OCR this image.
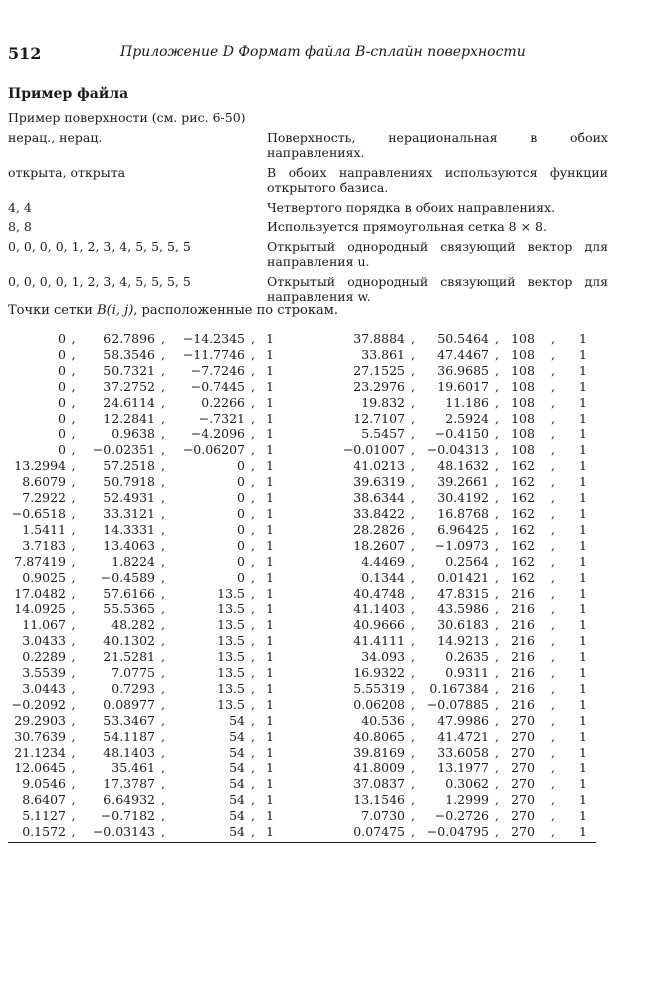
512	Приложение D Формат файла B-сплайн поверхности
Пример файла
Пример поверхности (см. рис. 6-50)
нерац., нерац.	Поверхность, нерациональная в обоих направлениях.
открыта, открыта	В обоих направлениях используются функции открытого базиса.
4, 4	Четвертого порядка в обоих направлениях.
8, 8	Используется прямоугольная сетка 8 × 8.
0, 0, 0, 0, 1, 2, 3, 4, 5, 5, 5, 5	Открытый однородный связующий вектор для направления u.
0, 0, 0, 0, 1, 2, 3, 4, 5, 5, 5, 5	Открытый однородный связующий вектор для направления w.
Точки сетки B(i, j), расположенные по строкам.
0 ,	62.7896 ,	−14.2345 , 1	37.8884 ,	50.5464 , 108	,	1
0 ,	58.3546 ,	−11.7746 , 1	33.861 ,	47.4467 , 108	,	1
0 ,	50.7321 ,	−7.7246 , 1	27.1525 ,	36.9685 , 108	,	1
0 ,	37.2752 ,	−0.7445 , 1	23.2976 ,	19.6017 , 108	,	1
0 ,	24.6114 ,	0.2266 , 1	19.832 ,	11.186 , 108	,	1
0 ,	12.2841 ,	−.7321 , 1	12.7107 ,	2.5924 , 108	,	1
0 ,	0.9638 ,	−4.2096 , 1	5.5457 ,	−0.4150 , 108	,	1
0 ,	−0.02351 ,	−0.06207 , 1	−0.01007 , −0.04313 , 108	,	1
13.2994 ,	57.2518 ,	0 , 1	41.0213 ,	48.1632 , 162	,	1
8.6079 ,	50.7918 ,	0 , 1	39.6319 ,	39.2661 , 162	,	1
7.2922 ,	52.4931 ,	0 , 1	38.6344 ,	30.4192 , 162	,	1
−0.6518 ,	33.3121 ,	0 , 1	33.8422 ,	16.8768 , 162	,	1
1.5411 ,	14.3331 ,	0 , 1	28.2826 ,	6.96425 , 162	,	1
3.7183 ,	13.4063 ,	0 , 1	18.2607 ,	−1.0973 , 162	,	1
7.87419 ,	1.8224 ,	0 , 1	4.4469 ,	0.2564 , 162	,	1
0.9025 ,	−0.4589 ,	0 , 1	0.1344 ,	0.01421 , 162	,	1
17.0482 ,	57.6166 ,	13.5 , 1	40.4748 ,	47.8315 , 216	,	1
14.0925 ,	55.5365 ,	13.5 , 1	41.1403 ,	43.5986 , 216	,	1
11.067 ,	48.282 ,	13.5 , 1	40.9666 ,	30.6183 , 216	,	1
3.0433 ,	40.1302 ,	13.5 , 1	41.4111 ,	14.9213 , 216	,	1
0.2289 ,	21.5281 ,	13.5 , 1	34.093 ,	0.2635 , 216	,	1
3.5539 ,	7.0775 ,	13.5 , 1	16.9322 ,	0.9311 , 216	,	1
3.0443 ,	0.7293 ,	13.5 , 1	5.55319 ,	0.167384 , 216	,	1
−0.2092 ,	0.08977 ,	13.5 , 1	0.06208 , −0.07885 , 216	,	1
29.2903 ,	53.3467 ,	54 , 1	40.536 ,	47.9986 , 270	,	1
30.7639 ,	54.1187 ,	54 , 1	40.8065 ,	41.4721 , 270	,	1
21.1234 ,	48.1403 ,	54 , 1	39.8169 ,	33.6058 , 270	,	1
12.0645 ,	35.461 ,	54 , 1	41.8009 ,	13.1977 , 270	,	1
9.0546 ,	17.3787 ,	54 , 1	37.0837 ,	0.3062 , 270	,	1
8.6407 ,	6.64932 ,	54 , 1	13.1546 ,	1.2999 , 270	,	1
5.1127 ,	−0.7182 ,	54 , 1	7.0730 ,	−0.2726 , 270	,	1
0.1572 ,	−0.03143 ,	54 , 1	0.07475 , −0.04795 , 270	,	1
